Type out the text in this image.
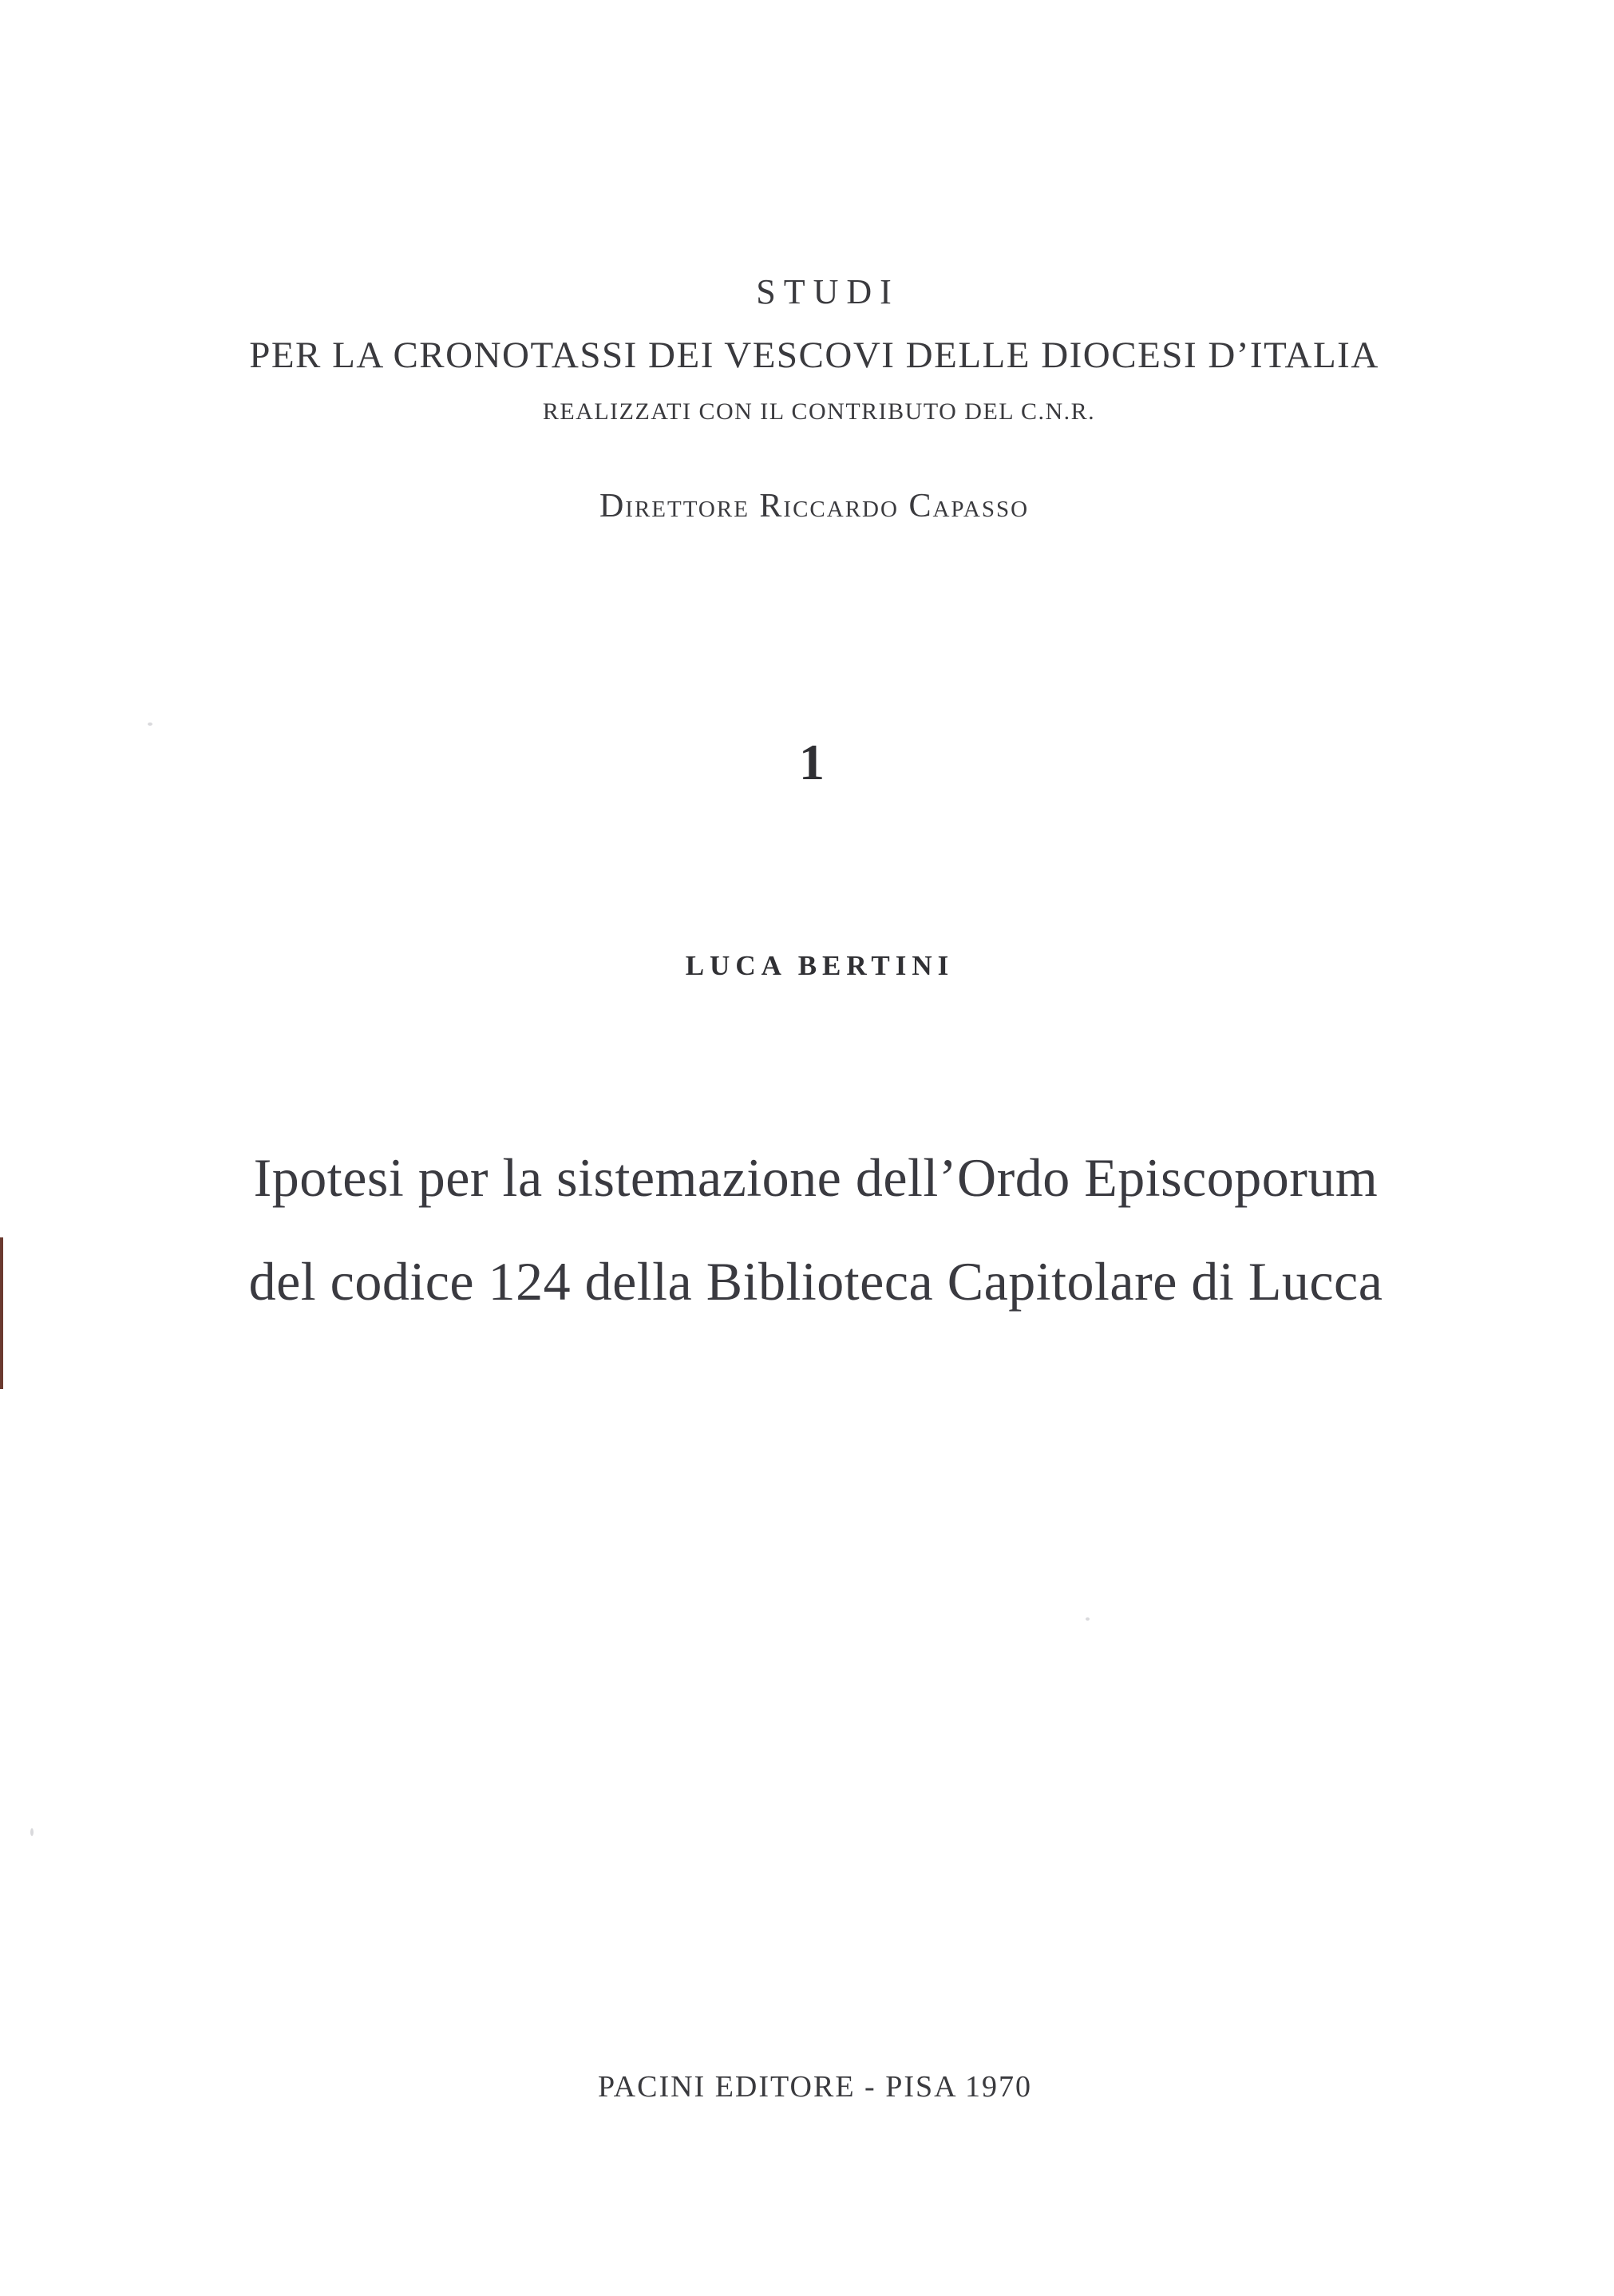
STUDI
PER LA CRONOTASSI DEI VESCOVI DELLE DIOCESI D’ITALIA
REALIZZATI CON IL CONTRIBUTO DEL C.N.R.
Direttore Riccardo Capasso
1
LUCA BERTINI
Ipotesi per la sistemazione dell’Ordo Episcoporum
del codice 124 della Biblioteca Capitolare di Lucca
PACINI EDITORE - PISA 1970
